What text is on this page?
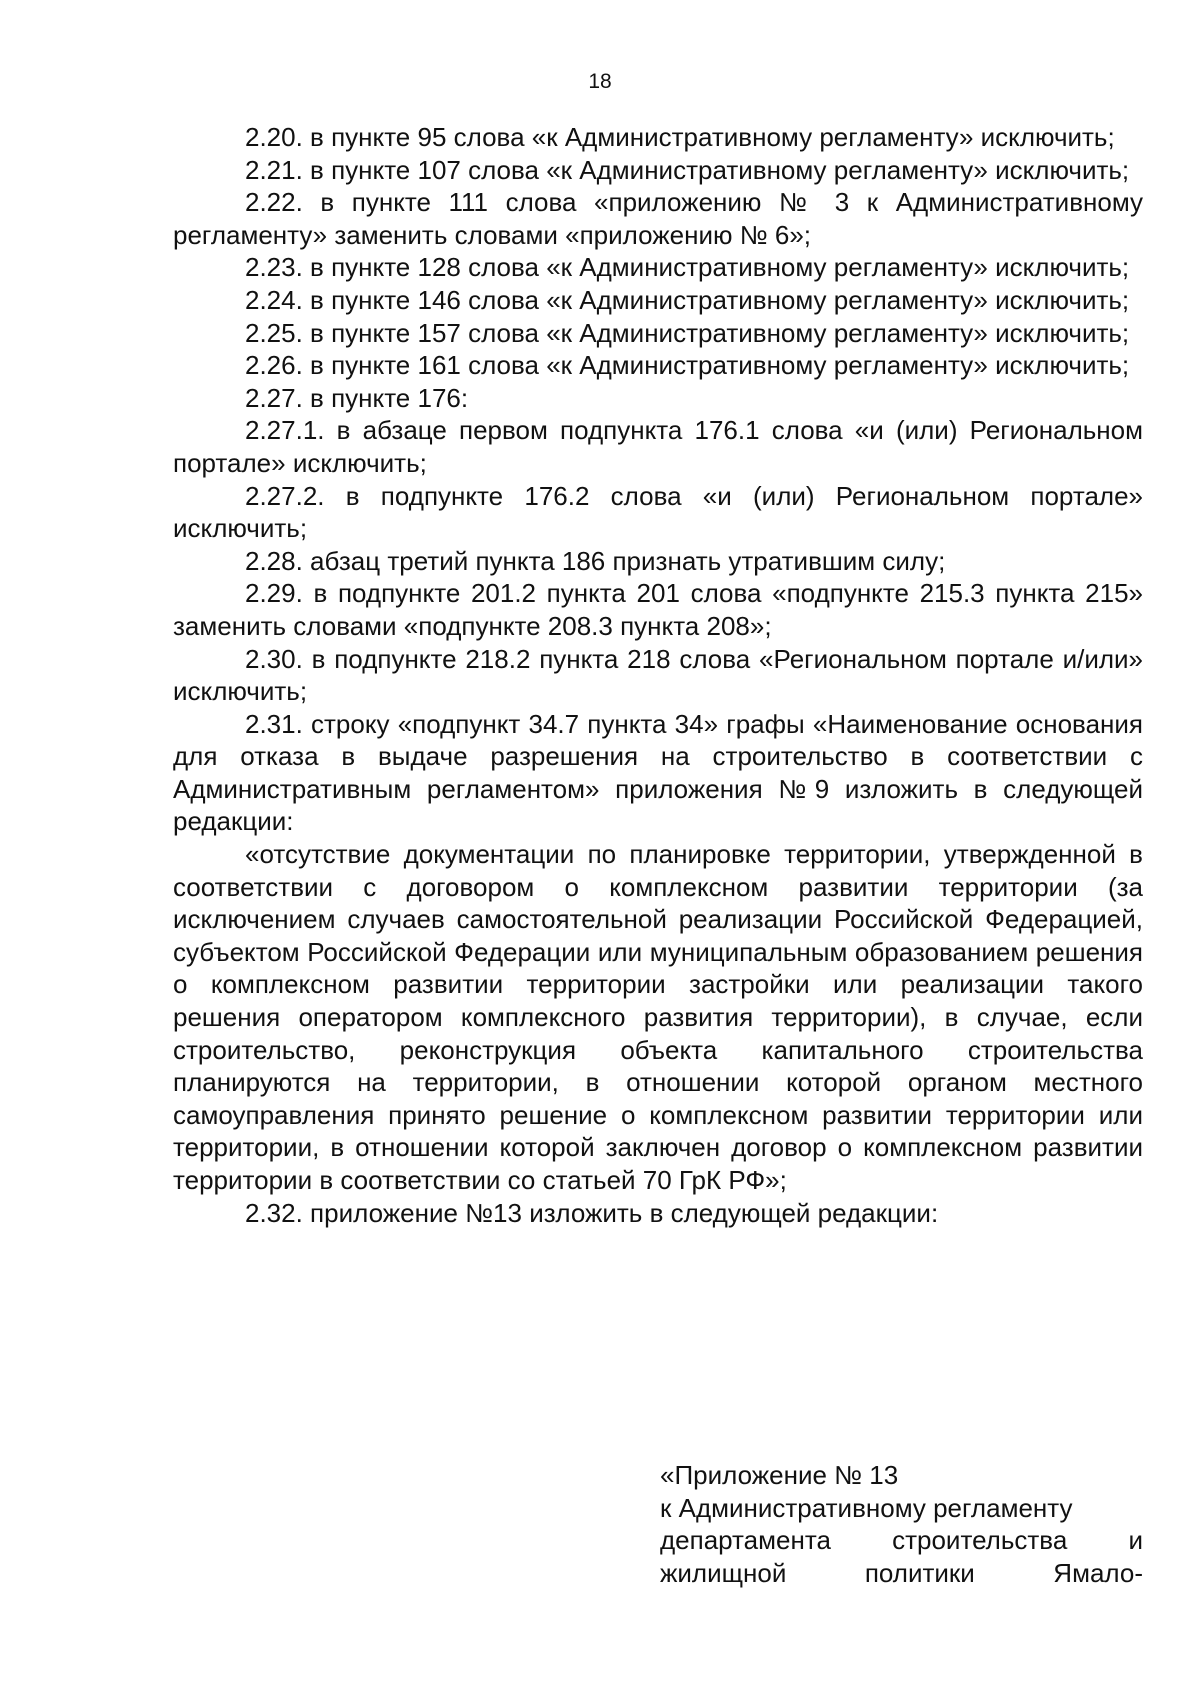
18

2.20. в пункте 95 слова «к Административному регламенту» исключить;

2.21. в пункте 107 слова «к Административному регламенту» исключить;

2.22. в пункте 111 слова «приложению № 3 к Административному регламенту» заменить словами «приложению № 6»;

2.23. в пункте 128 слова «к Административному регламенту» исключить;

2.24. в пункте 146 слова «к Административному регламенту» исключить;

2.25. в пункте 157 слова «к Административному регламенту» исключить;

2.26. в пункте 161 слова «к Административному регламенту» исключить;

2.27. в пункте 176:

2.27.1. в абзаце первом подпункта 176.1 слова «и (или) Региональном портале» исключить;

2.27.2. в подпункте 176.2 слова «и (или) Региональном портале» исключить;

2.28. абзац третий пункта 186 признать утратившим силу;

2.29. в подпункте 201.2 пункта 201 слова «подпункте 215.3 пункта 215» заменить словами «подпункте 208.3 пункта 208»;

2.30. в подпункте 218.2 пункта 218 слова «Региональном портале и/или» исключить;

2.31. строку «подпункт 34.7 пункта 34» графы «Наименование основания для отказа в выдаче разрешения на строительство в соответствии с Административным регламентом» приложения №9 изложить в следующей редакции:

«отсутствие документации по планировке территории, утвержденной в соответствии с договором о комплексном развитии территории (за исключением случаев самостоятельной реализации Российской Федерацией, субъектом Российской Федерации или муниципальным образованием решения о комплексном развитии территории застройки или реализации такого решения оператором комплексного развития территории), в случае, если строительство, реконструкция объекта капитального строительства планируются на территории, в отношении которой органом местного самоуправления принято решение о комплексном развитии территории или территории, в отношении которой заключен договор о комплексном развитии территории в соответствии со статьей 70 ГрК РФ»;

2.32. приложение №13 изложить в следующей редакции:

«Приложение № 13
к Административному регламенту
департамента строительства и
жилищной политики Ямало-
